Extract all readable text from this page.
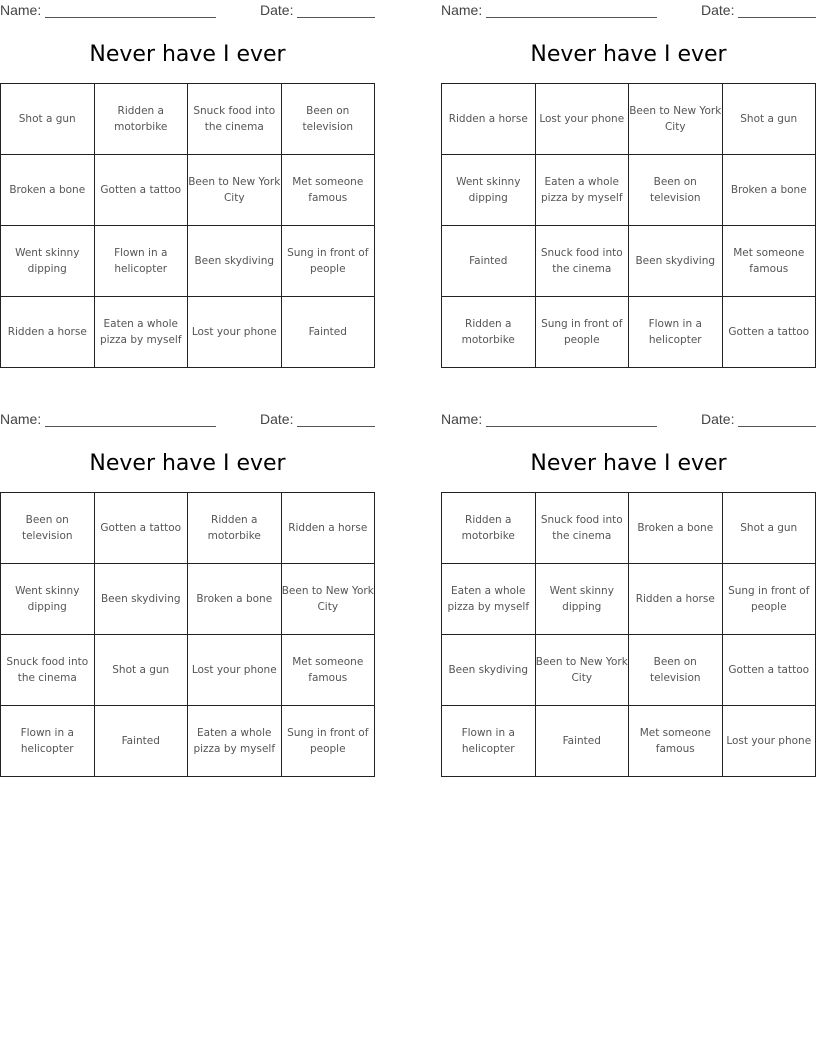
Name:	Date:
Never have I ever
Shot a gun	Ridden a motorbike	Snuck food into the cinema	Been on television
Broken a bone	Gotten a tattoo	Been to New York City	Met someone famous
Went skinny dipping	Flown in a helicopter	Been skydiving	Sung in front of people
Ridden a horse	Eaten a whole pizza by myself	Lost your phone	Fainted
Name:	Date:
Never have I ever
Ridden a horse	Lost your phone	Been to New York City	Shot a gun
Went skinny dipping	Eaten a whole pizza by myself	Been on television	Broken a bone
Fainted	Snuck food into the cinema	Been skydiving	Met someone famous
Ridden a motorbike	Sung in front of people	Flown in a helicopter	Gotten a tattoo
Name:	Date:
Never have I ever
Been on television	Gotten a tattoo	Ridden a motorbike	Ridden a horse
Went skinny dipping	Been skydiving	Broken a bone	Been to New York City
Snuck food into the cinema	Shot a gun	Lost your phone	Met someone famous
Flown in a helicopter	Fainted	Eaten a whole pizza by myself	Sung in front of people
Name:	Date:
Never have I ever
Ridden a motorbike	Snuck food into the cinema	Broken a bone	Shot a gun
Eaten a whole pizza by myself	Went skinny dipping	Ridden a horse	Sung in front of people
Been skydiving	Been to New York City	Been on television	Gotten a tattoo
Flown in a helicopter	Fainted	Met someone famous	Lost your phone
